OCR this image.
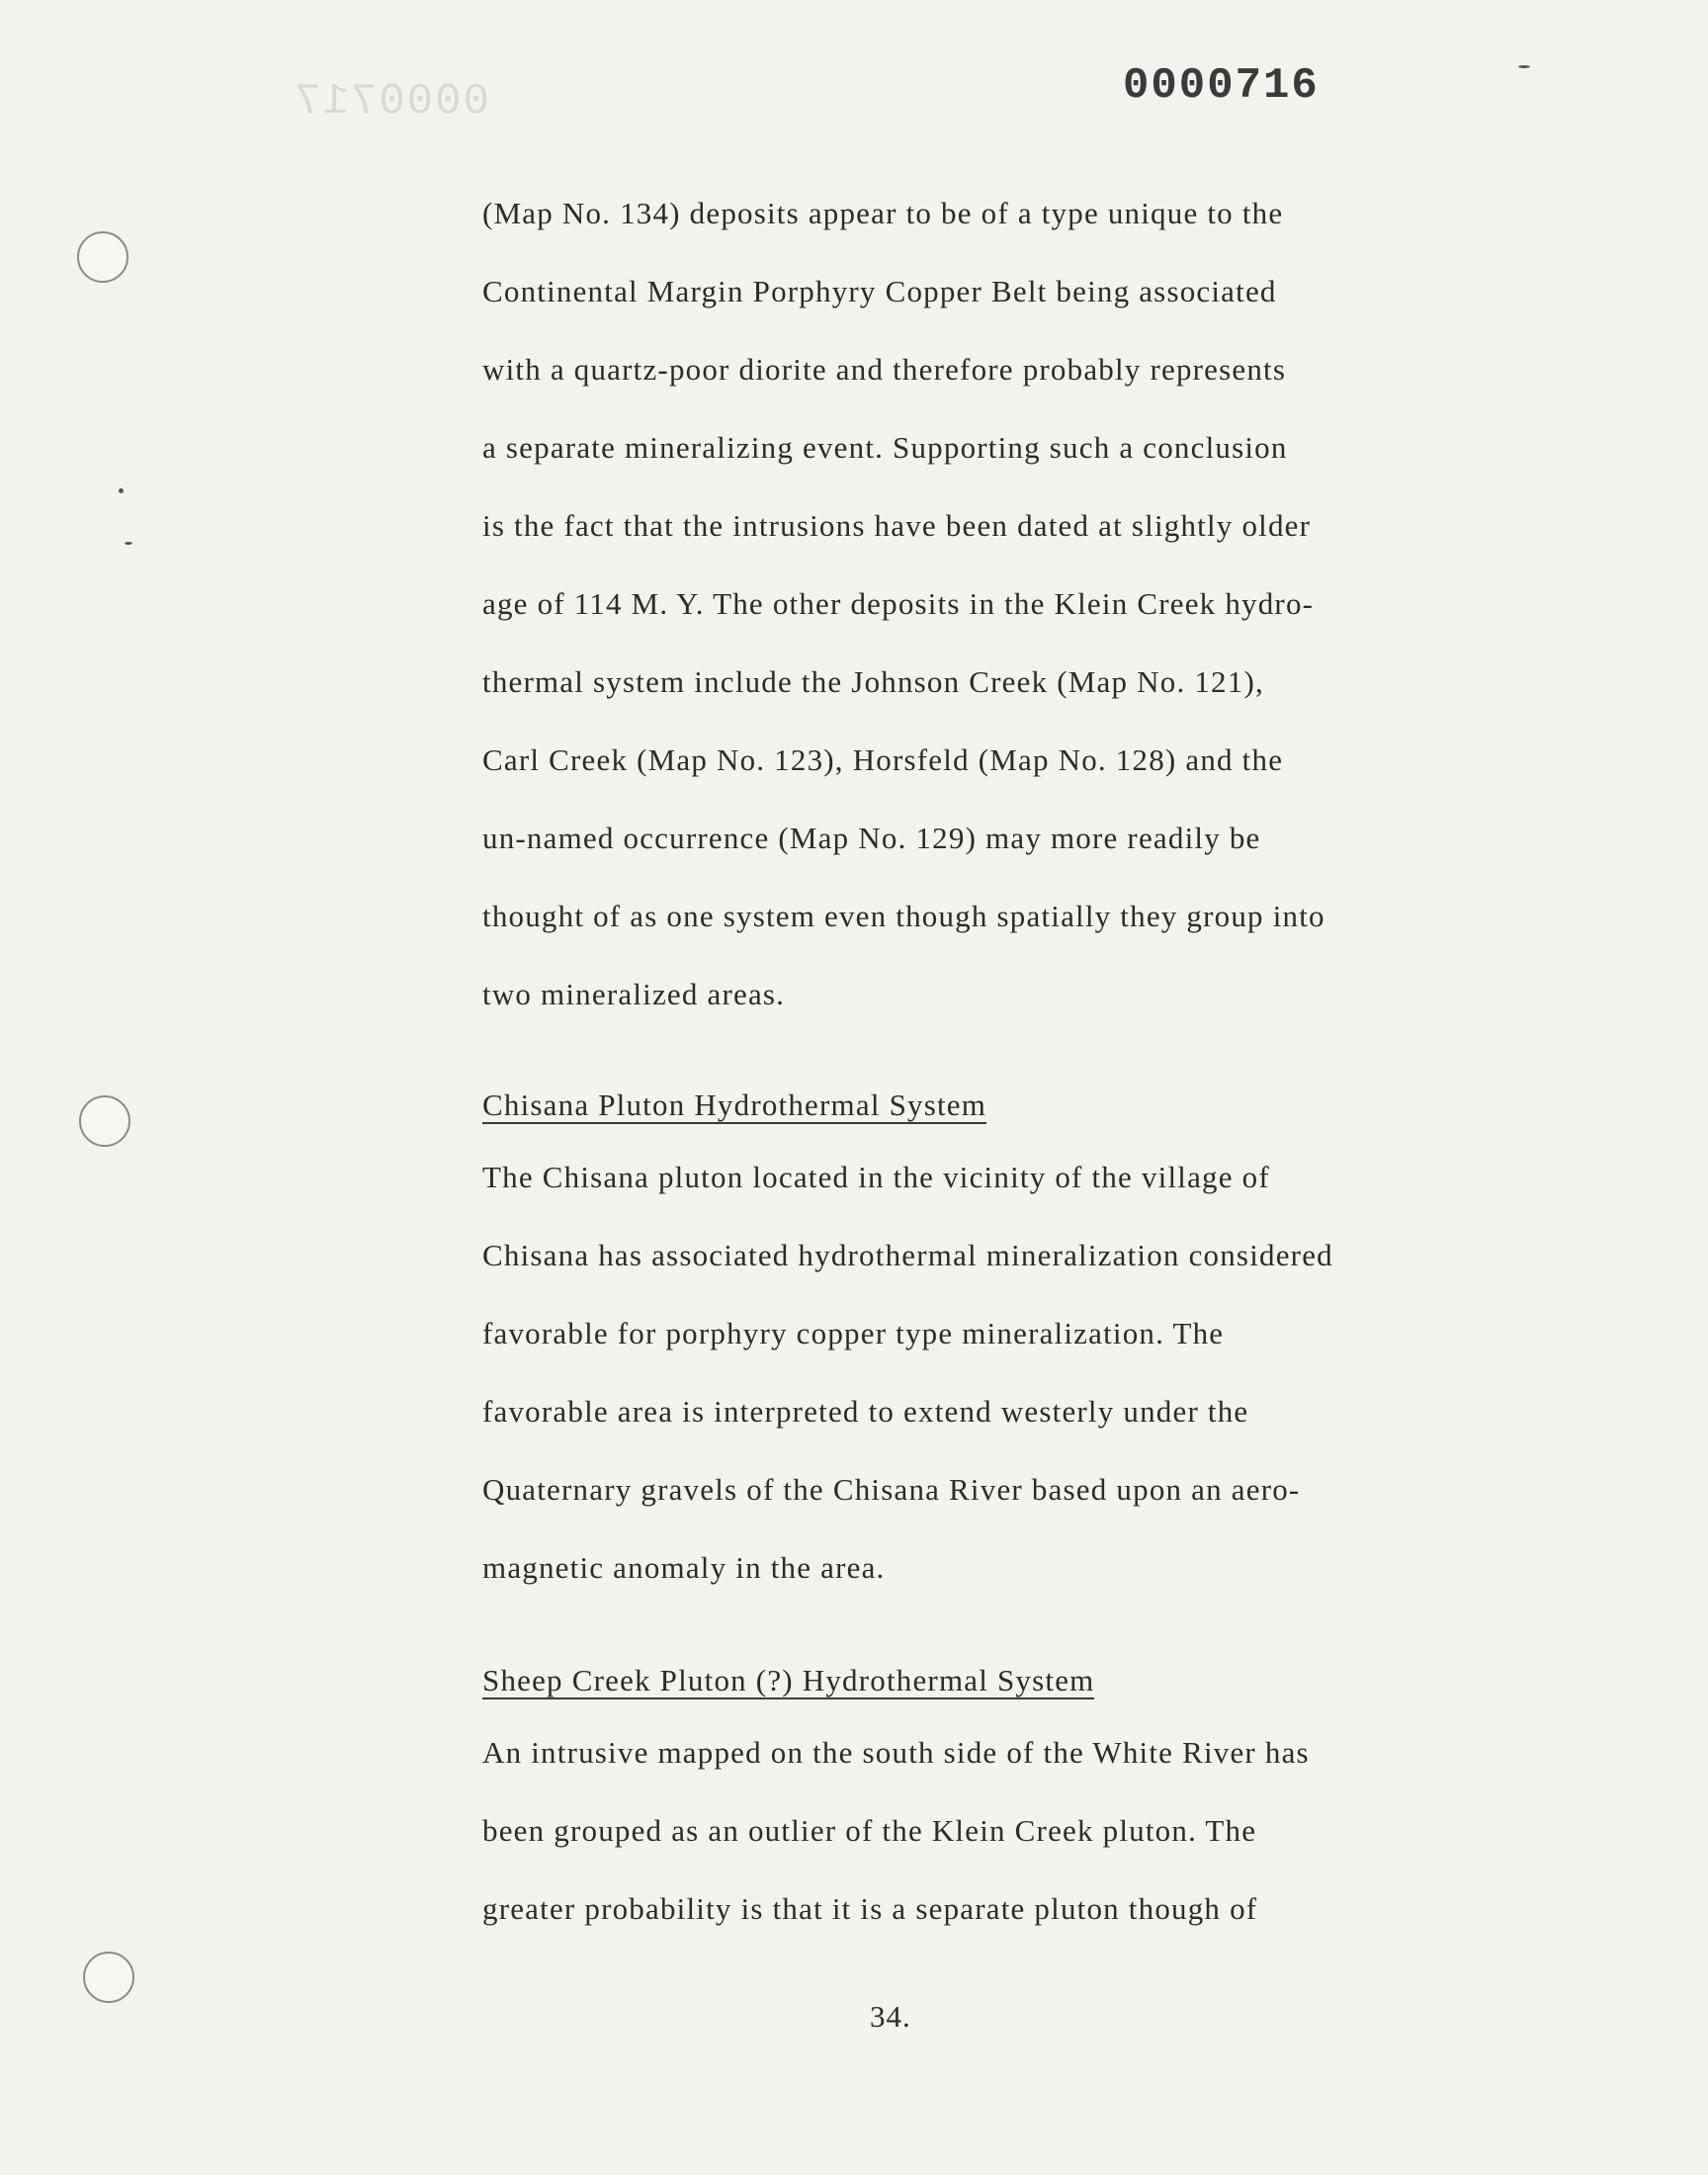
0000717	0000716
(Map No. 134) deposits appear to be of a type unique to the
Continental Margin Porphyry Copper Belt being associated
with a quartz-poor diorite and therefore probably represents
a separate mineralizing event. Supporting such a conclusion
is the fact that the intrusions have been dated at slightly older
age of 114 M. Y. The other deposits in the Klein Creek hydro-
thermal system include the Johnson Creek (Map No. 121),
Carl Creek (Map No. 123), Horsfeld (Map No. 128) and the
un-named occurrence (Map No. 129) may more readily be
thought of as one system even though spatially they group into
two mineralized areas.
Chisana Pluton Hydrothermal System
The Chisana pluton located in the vicinity of the village of
Chisana has associated hydrothermal mineralization considered
favorable for porphyry copper type mineralization. The
favorable area is interpreted to extend westerly under the
Quaternary gravels of the Chisana River based upon an aero-
magnetic anomaly in the area.
Sheep Creek Pluton (?) Hydrothermal System
An intrusive mapped on the south side of the White River has
been grouped as an outlier of the Klein Creek pluton. The
greater probability is that it is a separate pluton though of
34.
